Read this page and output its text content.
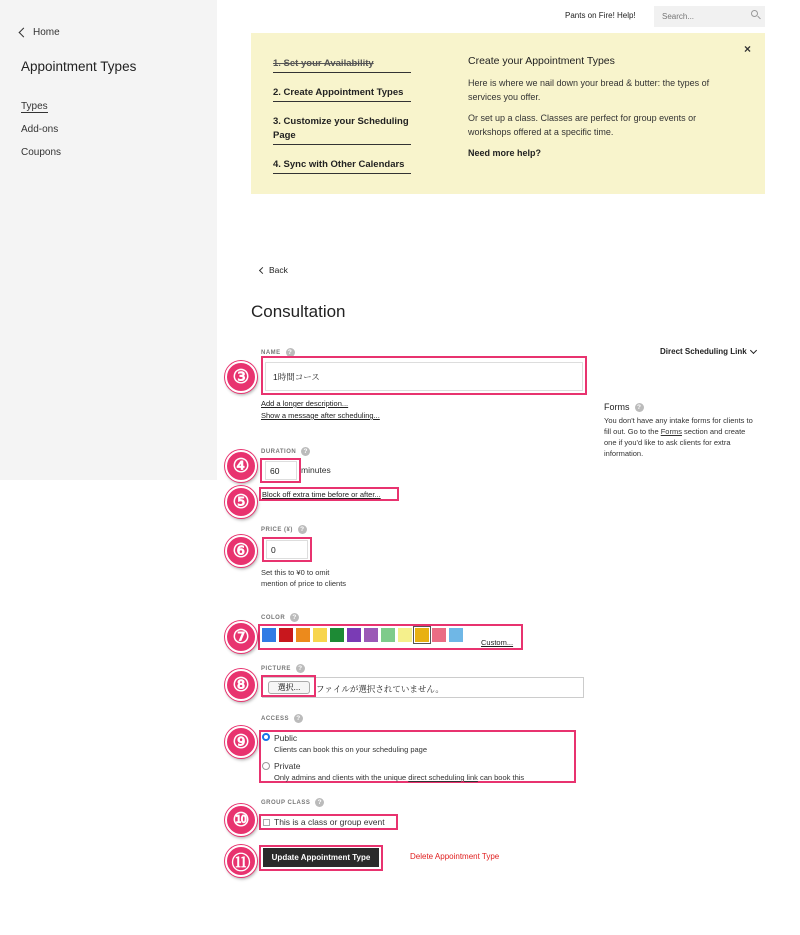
Home
Appointment Types
Types
Add-ons
Coupons
Pants on Fire! Help!
Search...
1. Set your Availability
2. Create Appointment Types
3. Customize your Scheduling Page
4. Sync with Other Calendars
Create your Appointment Types

Here is where we nail down your bread & butter: the types of services you offer.

Or set up a class. Classes are perfect for group events or workshops offered at a specific time.

Need more help?

×
Back
Consultation
Direct Scheduling Link
Forms	?
You don't have any intake forms for clients to fill out. Go to the Forms section and create one if you'd like to ask clients for extra information.
NAME	?
1時間コース
③
Add a longer description...
Show a message after scheduling...
DURATION	?
60
minutes
④
Block off extra time before or after...
⑤
PRICE (¥)	?
0
⑥
Set this to ¥0 to omit
mention of price to clients
COLOR	?
Custom...
⑦
PICTURE	?
選択...	ファイルが選択されていません。
⑧
ACCESS	?
Public
Clients can book this on your scheduling page
Private
Only admins and clients with the unique direct scheduling link can book this
⑨
GROUP CLASS	?
This is a class or group event
⑩
Update Appointment Type	Delete Appointment Type
⑪
